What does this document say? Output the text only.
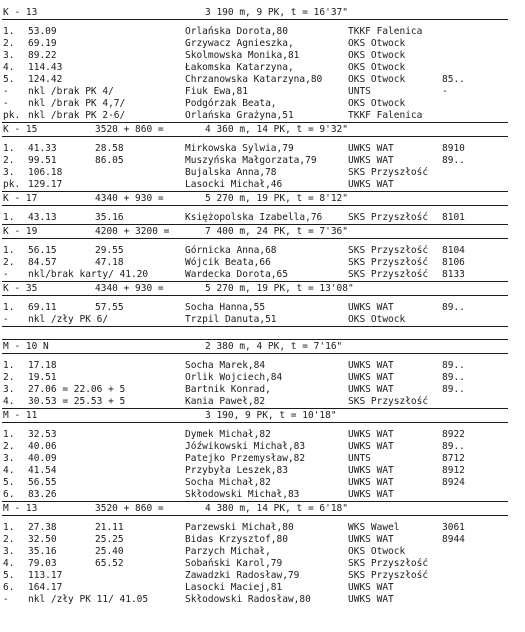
K - 13

	3 190 m, 9 PK, t = 16'37"

1. 53.09	Orlańska Dorota,80	TKKF Falenica
2. 69.19	Grzywacz Agnieszka,	OKS Otwock
3. 89.22	Skolmowska Monika,81	OKS Otwock
4. 114.43	Łakomska Katarzyna,	OKS Otwock
5. 124.42	Chrzanowska Katarzyna,80	OKS Otwock	85..
- nkl /brak PK 4/	Fiuk Ewa,81	UNTS	-
- nkl /brak PK 4,7/	Podgórzak Beata,	OKS Otwock
pk. nkl /brak PK 2-6/	Orlańska Grażyna,51	TKKF Falenica

K - 15

	3520 + 860 =

	4 360 m, 14 PK, t = 9'32"

1. 41.33	28.58	Mirkowska Sylwia,79	UWKS WAT	8910
2. 99.51	86.05	Muszyńska Małgorzata,79	UWKS WAT	89..
3. 106.18	Bujalska Anna,78	SKS Przyszłość
pk. 129.17	Lasocki Michał,46	UWKS WAT

K - 17

	4340 + 930 =

	5 270 m, 19 PK, t = 8'12"

1. 43.13	35.16	Księżopolska Izabella,76	SKS Przyszłość 8101

K - 19

	4200 + 3200 =

	7 400 m, 24 PK, t = 7'36"

1. 56.15	29.55	Górnicka Anna,68	SKS Przyszłość 8104
2. 84.57	47.18	Wójcik Beata,66	SKS Przyszłość 8106
- nkl/brak karty/ 41.20	Wardecka Dorota,65	SKS Przyszłość 8133

K - 35

	4340 + 930 =

	5 270 m, 19 PK, t = 13'08"

1. 69.11	57.55	Socha Hanna,55	UWKS WAT	89..
- nkl /zły PK 6/	Trzpil Danuta,51	OKS Otwock

M - 10 N

	2 380 m, 4 PK, t = 7'16"

1. 17.18	Socha Marek,84	UWKS WAT	89..
2. 19.51	Orlik Wojciech,84	UWKS WAT	89..
3. 27.06 = 22.06 + 5	Bartnik Konrad,	UWKS WAT	89..
4. 30.53 = 25.53 + 5	Kania Paweł,82	SKS Przyszłość

M - 11

	3 190, 9 PK, t = 10'18"

1. 32.53	Dymek Michał,82	UWKS WAT	8922
2. 40.06	Jóźwikowski Michał,83	UWKS WAT	89..
3. 40.09	Patejko Przemysław,82	UNTS	8712
4. 41.54	Przybyła Leszek,83	UWKS WAT	8912
5. 56.55	Socha Michał,82	UWKS WAT	8924
6. 83.26	Skłodowski Michał,83	UWKS WAT

M - 13

	3520 + 860 =

	4 380 m, 14 PK, t = 6'18"

1. 27.38	21.11	Parzewski Michał,80	WKS Wawel	3061
2. 32.50	25.25	Bidas Krzysztof,80	UWKS WAT	8944
3. 35.16	25.40	Parzych Michał,	OKS Otwock
4. 79.03	65.52	Sobański Karol,79	SKS Przyszłość
5. 113.17	Zawadzki Radosław,79	SKS Przyszłość
6. 164.17	Lasocki Maciej,81	UWKS WAT
- nkl /zły PK 11/ 41.05	Skłodowski Radosław,80	UWKS WAT
